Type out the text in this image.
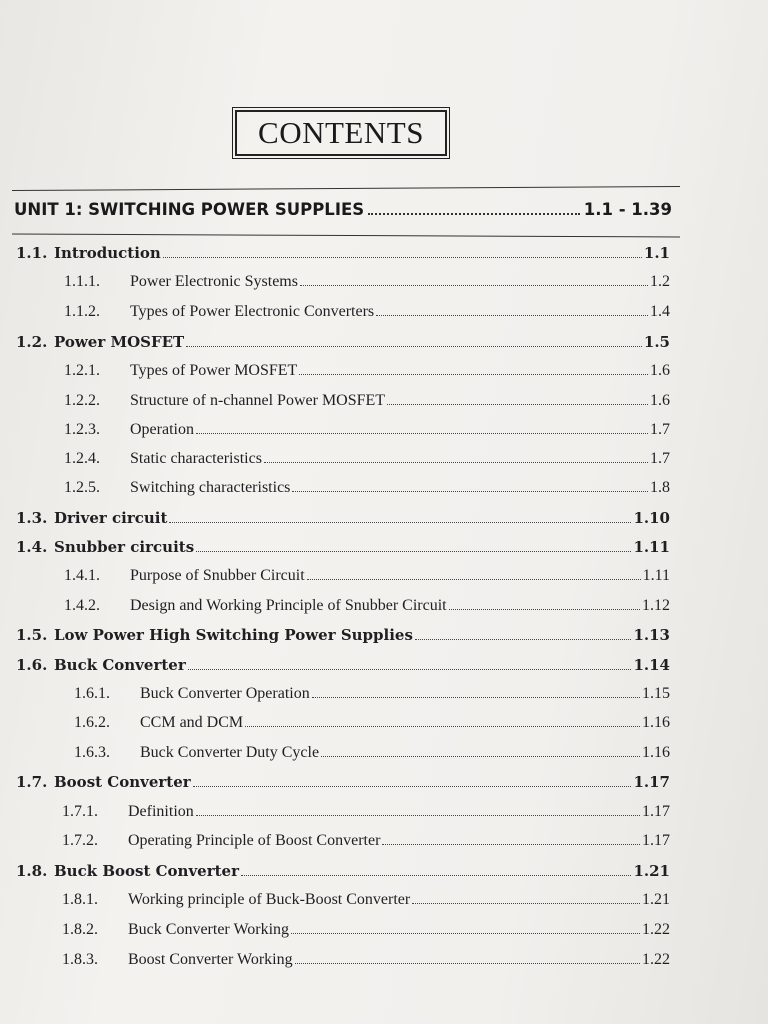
CONTENTS
UNIT 1: SWITCHING POWER SUPPLIES	1.1 - 1.39
1.1. Introduction	1.1
1.1.1.	Power Electronic Systems	1.2
1.1.2.	Types of Power Electronic Converters	1.4
1.2. Power MOSFET	1.5
1.2.1.	Types of Power MOSFET	1.6
1.2.2.	Structure of n-channel Power MOSFET	1.6
1.2.3.	Operation	1.7
1.2.4.	Static characteristics	1.7
1.2.5.	Switching characteristics	1.8
1.3. Driver circuit	1.10
1.4. Snubber circuits	1.11
1.4.1.	Purpose of Snubber Circuit	1.11
1.4.2.	Design and Working Principle of Snubber Circuit	1.12
1.5. Low Power High Switching Power Supplies	1.13
1.6. Buck Converter	1.14
1.6.1.	Buck Converter Operation	1.15
1.6.2.	CCM and DCM	1.16
1.6.3.	Buck Converter Duty Cycle	1.16
1.7. Boost Converter	1.17
1.7.1.	Definition	1.17
1.7.2.	Operating Principle of Boost Converter	1.17
1.8. Buck Boost Converter	1.21
1.8.1.	Working principle of Buck-Boost Converter	1.21
1.8.2.	Buck Converter Working	1.22
1.8.3.	Boost Converter Working	1.22
